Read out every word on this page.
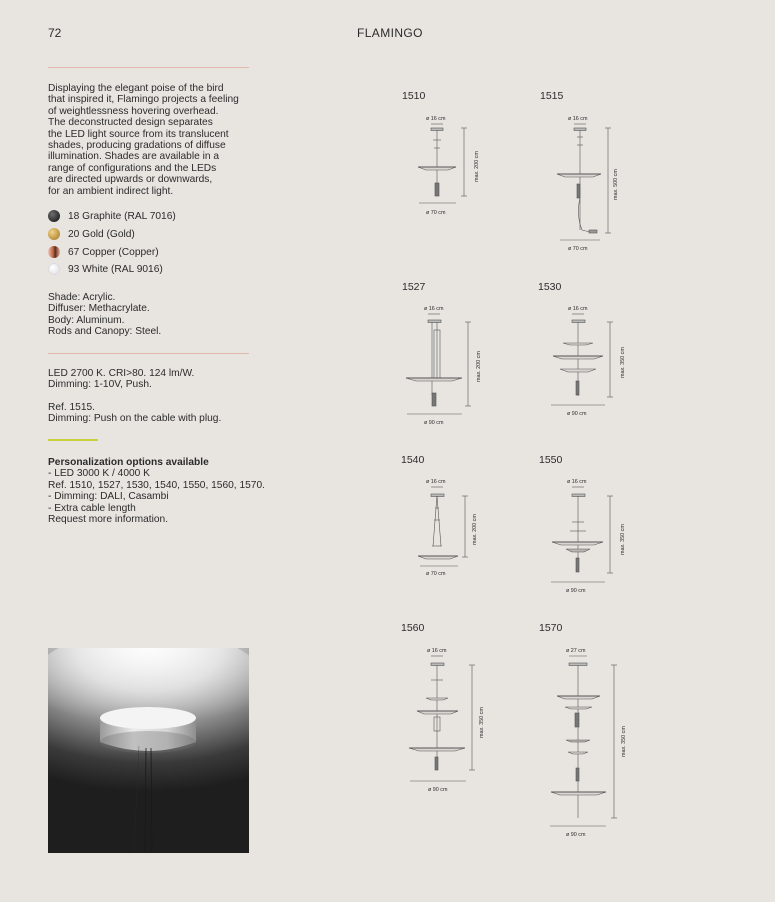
72	FLAMINGO
Displaying the elegant poise of the bird
that inspired it, Flamingo projects a feeling
of weightlessness hovering overhead.
The deconstructed design separates
the LED light source from its translucent
shades, producing gradations of diffuse
illumination. Shades are available in a
range of configurations and the LEDs
are directed upwards or downwards,
for an ambient indirect light.
18 Graphite (RAL 7016)
20 Gold (Gold)
67 Copper (Copper)
93 White (RAL 9016)
Shade: Acrylic.
Diffuser: Methacrylate.
Body: Aluminum.
Rods and Canopy: Steel.
LED 2700 K. CRI>80. 124 lm/W.
Dimming: 1-10V, Push.
Ref. 1515.
Dimming: Push on the cable with plug.
Personalization options available
- LED 3000 K / 4000 K
Ref. 1510, 1527, 1530, 1540, 1550, 1560, 1570.
- Dimming: DALI, Casambi
- Extra cable length
Request more information.
1510	1515
1527	1530
1540	1550
1560	1570
ø 16 cm
ø 70 cm
max. 200 cm
ø 16 cm
ø 70 cm
max. 500 cm
ø 16 cm
ø 90 cm
max. 200 cm
ø 16 cm
ø 90 cm
max. 350 cm
ø 16 cm
ø 70 cm
max. 200 cm
ø 16 cm
ø 90 cm
max. 350 cm
ø 16 cm
ø 90 cm
max. 350 cm
ø 27 cm
ø 90 cm
max. 350 cm
